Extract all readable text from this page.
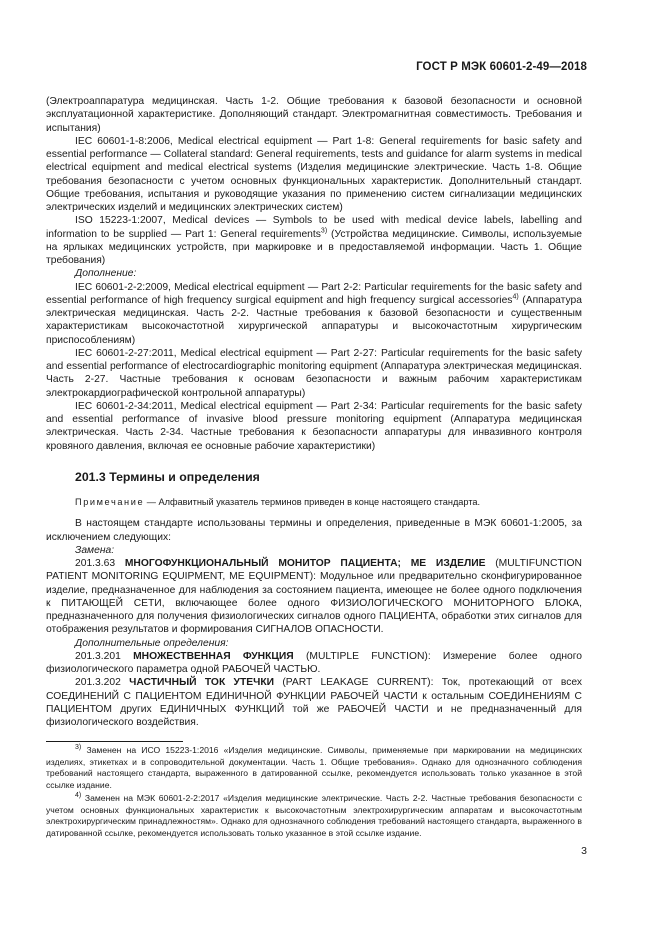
ГОСТ Р МЭК 60601-2-49—2018

(Электроаппаратура медицинская. Часть 1-2. Общие требования к базовой безопасности и основной эксплуатационной характеристике. Дополняющий стандарт. Электромагнитная совместимость. Требования и испытания)

IEC 60601-1-8:2006, Medical electrical equipment — Part 1-8: General requirements for basic safety and essential performance — Collateral standard: General requirements, tests and guidance for alarm systems in medical electrical equipment and medical electrical systems (Изделия медицинские электрические. Часть 1-8. Общие требования безопасности с учетом основных функциональных характеристик. Дополнительный стандарт. Общие требования, испытания и руководящие указания по применению систем сигнализации медицинских электрических изделий и медицинских электрических систем)

ISO 15223-1:2007, Medical devices — Symbols to be used with medical device labels, labelling and information to be supplied — Part 1: General requirements$^{3)}$ (Устройства медицинские. Символы, используемые на ярлыках медицинских устройств, при маркировке и в предоставляемой информации. Часть 1. Общие требования)

Дополнение:

IEC 60601-2-2:2009, Medical electrical equipment — Part 2-2: Particular requirements for the basic safety and essential performance of high frequency surgical equipment and high frequency surgical accessories$^{4)}$ (Аппаратура электрическая медицинская. Часть 2-2. Частные требования к базовой безопасности и существенным характеристикам высокочастотной хирургической аппаратуры и высокочастотным хирургическим приспособлениям)

IEC 60601-2-27:2011, Medical electrical equipment — Part 2-27: Particular requirements for the basic safety and essential performance of electrocardiographic monitoring equipment (Аппаратура электрическая медицинская. Часть 2-27. Частные требования к основам безопасности и важным рабочим характеристикам электрокардиографической контрольной аппаратуры)

IEC 60601-2-34:2011, Medical electrical equipment — Part 2-34: Particular requirements for the basic safety and essential performance of invasive blood pressure monitoring equipment (Аппаратура медицинская электрическая. Часть 2-34. Частные требования к безопасности аппаратуры для инвазивного контроля кровяного давления, включая ее основные рабочие характеристики)

201.3 Термины и определения

Примечание — Алфавитный указатель терминов приведен в конце настоящего стандарта.

В настоящем стандарте использованы термины и определения, приведенные в МЭК 60601-1:2005, за исключением следующих:

Замена:

201.3.63 МНОГОФУНКЦИОНАЛЬНЫЙ МОНИТОР ПАЦИЕНТА; ME ИЗДЕЛИЕ (MULTIFUNCTION PATIENT MONITORING EQUIPMENT, ME EQUIPMENT): Модульное или предварительно сконфигурированное изделие, предназначенное для наблюдения за состоянием пациента, имеющее не более одного подключения к ПИТАЮЩЕЙ СЕТИ, включающее более одного ФИЗИОЛОГИЧЕСКОГО МОНИТОРНОГО БЛОКА, предназначенного для получения физиологических сигналов одного ПАЦИЕНТА, обработки этих сигналов для отображения результатов и формирования СИГНАЛОВ ОПАСНОСТИ.

Дополнительные определения:

201.3.201 МНОЖЕСТВЕННАЯ ФУНКЦИЯ (MULTIPLE FUNCTION): Измерение более одного физиологического параметра одной РАБОЧЕЙ ЧАСТЬЮ.

201.3.202 ЧАСТИЧНЫЙ ТОК УТЕЧКИ (PART LEAKAGE CURRENT): Ток, протекающий от всех СОЕДИНЕНИЙ С ПАЦИЕНТОМ ЕДИНИЧНОЙ ФУНКЦИИ РАБОЧЕЙ ЧАСТИ к остальным СОЕДИНЕНИЯМ С ПАЦИЕНТОМ других ЕДИНИЧНЫХ ФУНКЦИЙ той же РАБОЧЕЙ ЧАСТИ и не предназначенный для физиологического воздействия.

$^{3)}$ Заменен на ИСО 15223-1:2016 «Изделия медицинские. Символы, применяемые при маркировании на медицинских изделиях, этикетках и в сопроводительной документации. Часть 1. Общие требования». Однако для однозначного соблюдения требований настоящего стандарта, выраженного в датированной ссылке, рекомендуется использовать только указанное в этой ссылке издание.

$^{4)}$ Заменен на МЭК 60601-2-2:2017 «Изделия медицинские электрические. Часть 2-2. Частные требования безопасности с учетом основных функциональных характеристик к высокочастотным электрохирургическим аппаратам и высокочастотным электрохирургическим принадлежностям». Однако для однозначного соблюдения требований настоящего стандарта, выраженного в датированной ссылке, рекомендуется использовать только указанное в этой ссылке издание.

3
